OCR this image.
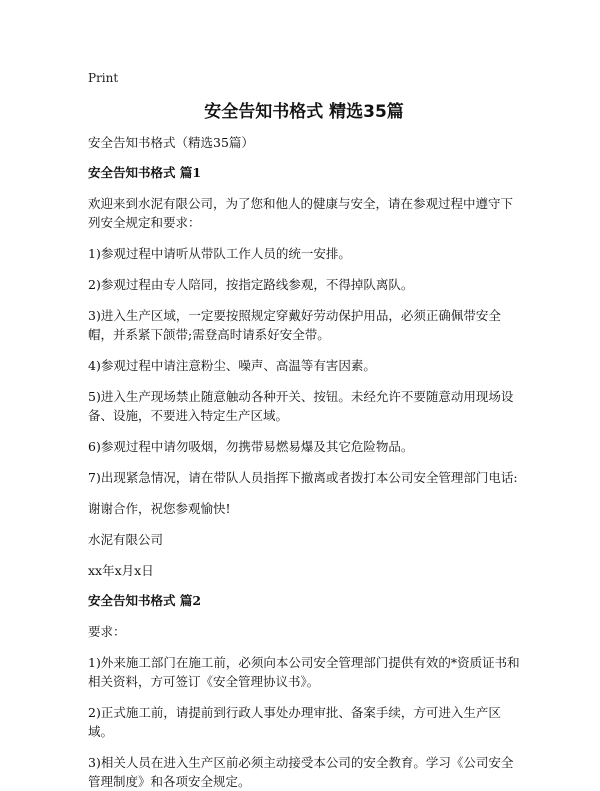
Print

安全告知书格式 精选35篇

安全告知书格式（精选35篇）

安全告知书格式 篇1

欢迎来到水泥有限公司，为了您和他人的健康与安全，请在参观过程中遵守下列安全规定和要求：

1)参观过程中请听从带队工作人员的统一安排。

2)参观过程由专人陪同，按指定路线参观，不得掉队离队。

3)进入生产区域，一定要按照规定穿戴好劳动保护用品，必须正确佩带安全帽，并系紧下颌带;需登高时请系好安全带。

4)参观过程中请注意粉尘、噪声、高温等有害因素。

5)进入生产现场禁止随意触动各种开关、按钮。未经允许不要随意动用现场设备、设施，不要进入特定生产区域。

6)参观过程中请勿吸烟，勿携带易燃易爆及其它危险物品。

7)出现紧急情况，请在带队人员指挥下撤离或者拨打本公司安全管理部门电话:

谢谢合作，祝您参观愉快!

水泥有限公司

xx年x月x日

安全告知书格式 篇2

要求：

1)外来施工部门在施工前，必须向本公司安全管理部门提供有效的*资质证书和相关资料，方可签订《安全管理协议书》。

2)正式施工前，请提前到行政人事处办理审批、备案手续，方可进入生产区域。

3)相关人员在进入生产区前必须主动接受本公司的安全教育。学习《公司安全管理制度》和各项安全规定。
